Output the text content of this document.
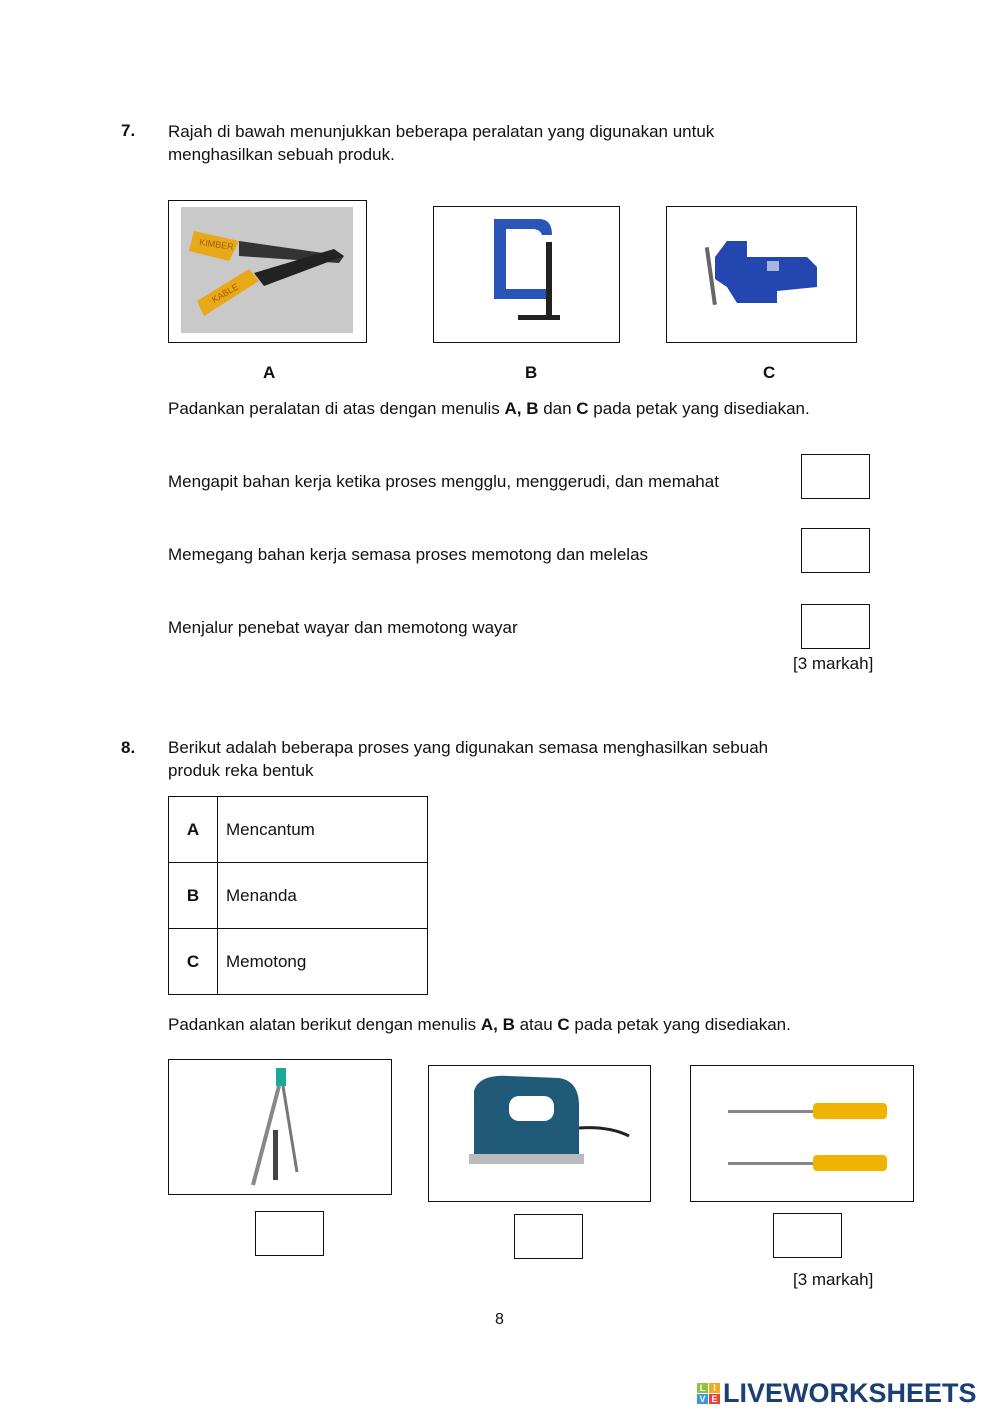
7. Rajah di bawah menunjukkan beberapa peralatan yang digunakan untuk
menghasilkan sebuah produk.
KIMBER
KABLE
A	B	C
Padankan peralatan di atas dengan menulis A, B dan C pada petak yang disediakan.
Mengapit bahan kerja ketika proses mengglu, menggerudi, dan memahat
Memegang bahan kerja semasa proses memotong dan melelas
Menjalur penebat wayar dan memotong wayar
[3 markah]
8. Berikut adalah beberapa proses yang digunakan semasa menghasilkan sebuah
produk reka bentuk
A	Mencantum
B	Menanda
C	Memotong
Padankan alatan berikut dengan menulis A, B atau C pada petak yang disediakan.
[3 markah]
8
L I
V E LIVEWORKSHEETS
